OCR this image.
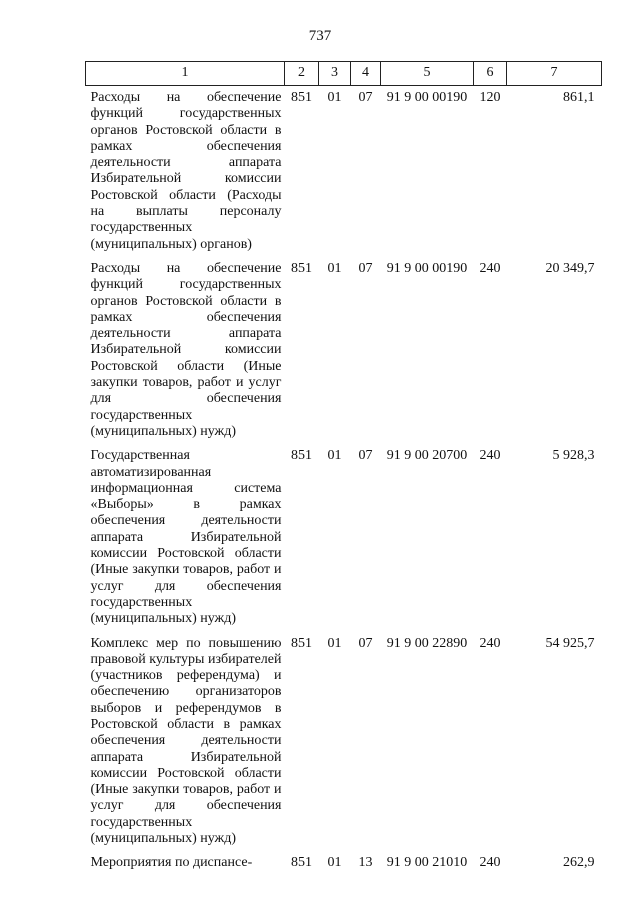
737
1	2	3	4	5	6	7
Расходы на обеспечение функций государственных органов Ростовской области в рамках обеспечения деятельности аппарата Избирательной комиссии Ростовской области (Расходы на выплаты персоналу государственных (муниципальных) органов)	851	01	07	91 9 00 00190	120	861,1
Расходы на обеспечение функций государственных органов Ростовской области в рамках обеспечения деятельности аппарата Избирательной комиссии Ростовской области (Иные закупки товаров, работ и услуг для обеспечения государственных (муниципальных) нужд)	851	01	07	91 9 00 00190	240	20 349,7
Государственная автоматизированная информационная система «Выборы» в рамках обеспечения деятельности аппарата Избирательной комиссии Ростовской области (Иные закупки товаров, работ и услуг для обеспечения государственных (муниципальных) нужд)	851	01	07	91 9 00 20700	240	5 928,3
Комплекс мер по повышению правовой культуры избирателей (участников референдума) и обеспечению организаторов выборов и референдумов в Ростовской области в рамках обеспечения деятельности аппарата Избирательной комиссии Ростовской области (Иные закупки товаров, работ и услуг для обеспечения государственных (муниципальных) нужд)	851	01	07	91 9 00 22890	240	54 925,7
Мероприятия по диспансе-	851	01	13	91 9 00 21010	240	262,9
